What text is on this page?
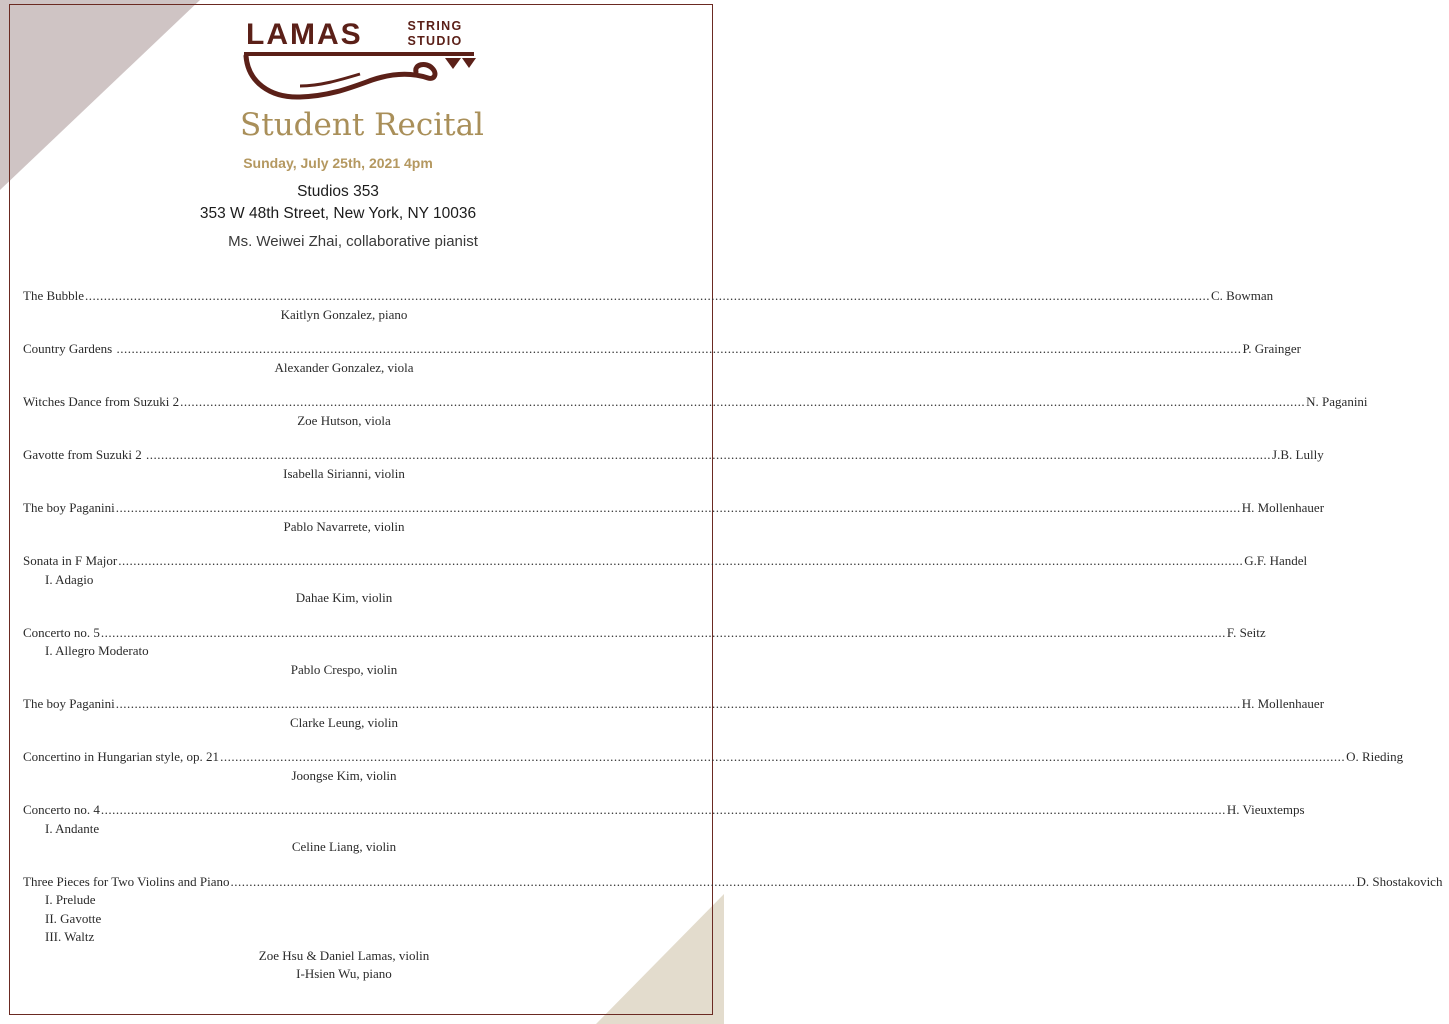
LAMAS	STRING
STUDIO
Student Recital
Sunday, July 25th, 2021 4pm
Studios 353
353 W 48th Street, New York, NY 10036
Ms. Weiwei Zhai, collaborative pianist
The Bubble ............................................................................................................................................................................................................................................................................................................ C. Bowman
Kaitlyn Gonzalez, piano
Country Gardens ............................................................................................................................................................................................................................................................................................................ P. Grainger
Alexander Gonzalez, viola
Witches Dance from Suzuki 2 ............................................................................................................................................................................................................................................................................................................ N. Paganini
Zoe Hutson, viola
Gavotte from Suzuki 2 ............................................................................................................................................................................................................................................................................................................ J.B. Lully
Isabella Sirianni, violin
The boy Paganini ............................................................................................................................................................................................................................................................................................................ H. Mollenhauer
Pablo Navarrete, violin
Sonata in F Major ............................................................................................................................................................................................................................................................................................................ G.F. Handel
I. Adagio
Dahae Kim, violin
Concerto no. 5 ............................................................................................................................................................................................................................................................................................................ F. Seitz
I. Allegro Moderato
Pablo Crespo, violin
The boy Paganini ............................................................................................................................................................................................................................................................................................................ H. Mollenhauer
Clarke Leung, violin
Concertino in Hungarian style, op. 21 ............................................................................................................................................................................................................................................................................................................ O. Rieding
Joongse Kim, violin
Concerto no. 4 ............................................................................................................................................................................................................................................................................................................ H. Vieuxtemps
I. Andante
Celine Liang, violin
Three Pieces for Two Violins and Piano ............................................................................................................................................................................................................................................................................................................ D. Shostakovich
I. Prelude
II. Gavotte
III. Waltz
Zoe Hsu & Daniel Lamas, violin
I-Hsien Wu, piano
